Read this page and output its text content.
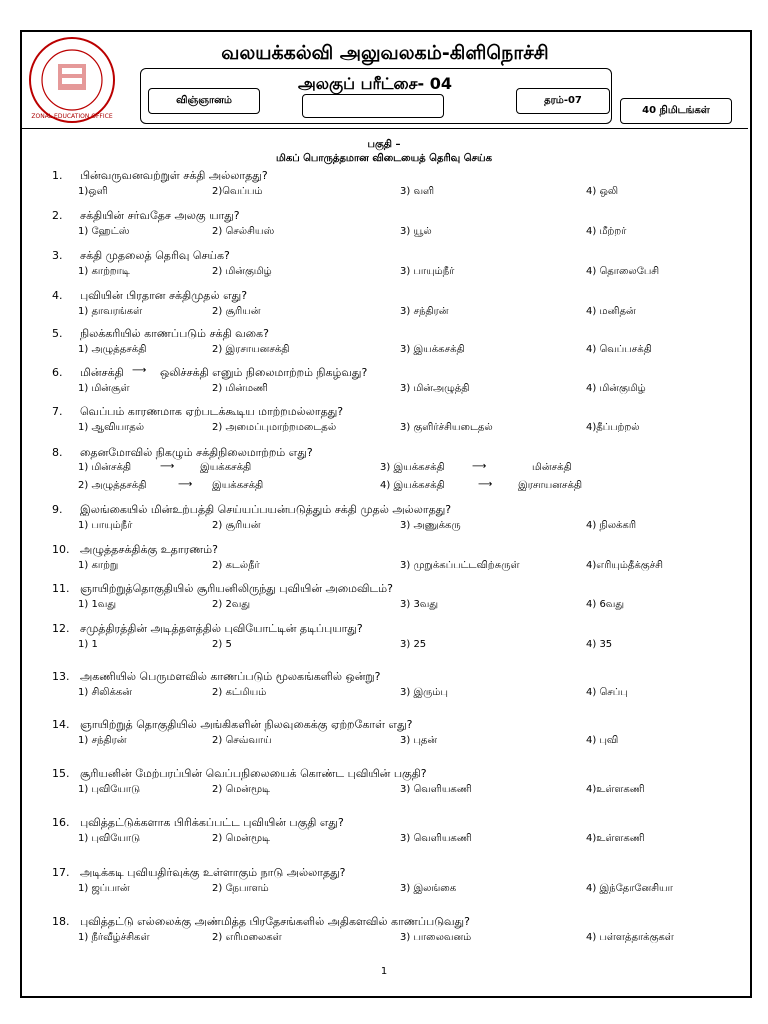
ZONAL EDUCATION OFFICE
வலயக்கல்வி அலுவலகம்-கிளிநொச்சி
அலகுப் பரீட்சை- 04
விஞ்ஞானம்	தரம்-07
40 நிமிடங்கள்
பகுதி –
மிகப் பொருத்தமான விடையைத் தெரிவு செய்க
1. பின்வருவனவற்றுள் சக்தி அல்லாதது?
1)ஒளி	2)வெப்பம்	3) வளி	4) ஒலி
2. சக்தியின் சர்வதேச அலகு யாது?
1) ஹேட்ஸ்	2) செல்சியஸ்	3) யூல்	4) மீற்றர்
3. சக்தி முதலைத் தெரிவு செய்க?
1) காற்றாடி	2) மின்குமிழ்	3) பாயும்நீர்	4) தொலைபேசி
4. புவியின் பிரதான சக்திமுதல் எது?
1) தாவரங்கள்	2) சூரியன்	3) சந்திரன்	4) மனிதன்
5. நிலக்கரியில் காணப்படும் சக்தி வகை?
1) அழுத்தசக்தி	2) இரசாயனசக்தி	3) இயக்கசக்தி	4) வெப்பசக்தி
6. மின்சக்தி ⟶ ஒலிச்சக்தி எனும் நிலைமாற்றம் நிகழ்வது?
1) மின்சூள்	2) மின்மணி	3) மின்அழுத்தி	4) மின்குமிழ்
7. வெப்பம் காரணமாக ஏற்படக்கூடிய மாற்றமல்லாதது?
1) ஆவியாதல்	2) அமைப்புமாற்றமடைதல்	3) குளிர்ச்சியடைதல்	4)தீப்பற்றல்
8. தைனமோவில் நிகழும் சக்திநிலைமாற்றம் எது?
1) மின்சக்தி	⟶	இயக்கசக்தி	3) இயக்கசக்தி	⟶	மின்சக்தி
2) அழுத்தசக்தி	⟶ இயக்கசக்தி	4) இயக்கசக்தி	⟶	இரசாயனசக்தி
9. இலங்கையில் மின்உற்பத்தி செய்யப்பயன்படுத்தும் சக்தி முதல் அல்லாதது?
1) பாயும்நீர்	2) சூரியன்	3) அணுக்கரு	4) நிலக்கரி
10. அழுத்தசக்திக்கு உதாரணம்?
1) காற்று	2) கடல்நீர்	3) முறுக்கப்பட்டவிற்சுருள்	4)எரியும்தீக்குச்சி
11. ஞாயிற்றுத்தொகுதியில் சூரியனிலிருந்து புவியின் அமைவிடம்?
1) 1வது	2) 2வது	3) 3வது	4) 6வது
12. சமுத்திரத்தின் அடித்தளத்தில் புவியோட்டின் தடிப்புயாது?
1) 1	2) 5	3) 25	4) 35
13. அகணியில் பெருமளவில் காணப்படும் மூலகங்களில் ஒன்று?
1) சிலிக்கன்	2) கட்மியம்	3) இரும்பு	4) செப்பு
14. ஞாயிற்றுத் தொகுதியில் அங்கிகளின் நிலவுகைக்கு ஏற்றகோள் எது?
1) சந்திரன்	2) செவ்வாய்	3) புதன்	4) புவி
15. சூரியனின் மேற்பரப்பின் வெப்பநிலையைக் கொண்ட புவியின் பகுதி?
1) புவியோடு	2) மென்மூடி	3) வெளியகணி	4)உள்ளகணி
16. புவித்தட்டுக்களாக பிரிக்கப்பட்ட புவியின் பகுதி எது?
1) புவியோடு	2) மென்மூடி	3) வெளியகணி	4)உள்ளகணி
17. அடிக்கடி புவியதிர்வுக்கு உள்ளாகும் நாடு அல்லாதது?
1) ஜப்பான்	2) நேபாளம்	3) இலங்கை	4) இந்தோனேசியா
18. புவித்தட்டு எல்லைக்கு அண்மித்த பிரதேசங்களில் அதிகளவில் காணப்படுவது?
1) நீர்வீழ்ச்சிகள்	2) எரிமலைகள்	3) பாலைவனம்	4) பள்ளத்தாக்குகள்
1
